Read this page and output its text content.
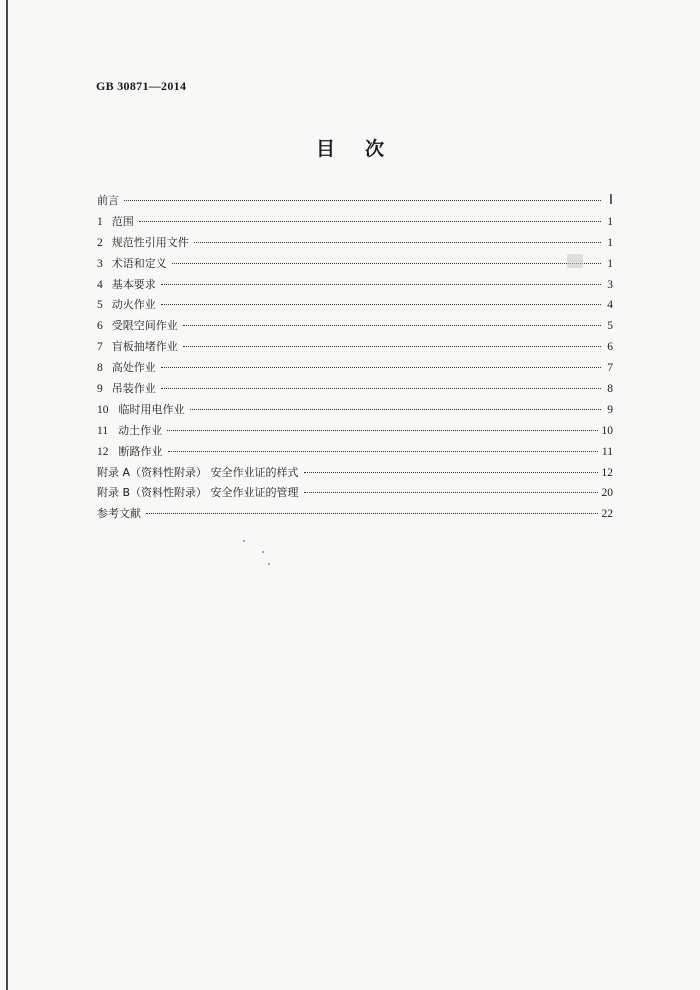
GB 30871—2014
目 次
前言	Ⅰ
1 范围	1
2 规范性引用文件	1
3 术语和定义	1
4 基本要求	3
5 动火作业	4
6 受限空间作业	5
7 盲板抽堵作业	6
8 高处作业	7
9 吊装作业	8
10 临时用电作业	9
11 动土作业	10
12 断路作业	11
附录 A（资料性附录） 安全作业证的样式	12
附录 B（资料性附录） 安全作业证的管理	20
参考文献	22
